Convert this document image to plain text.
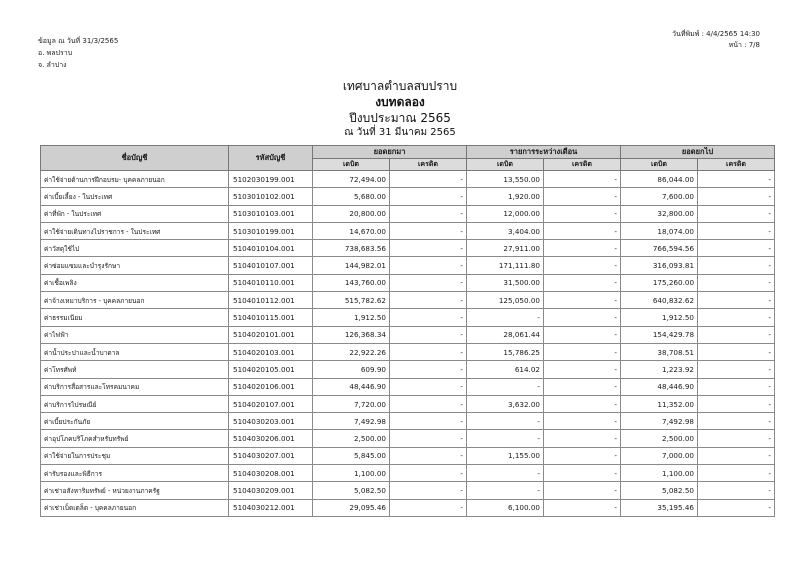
ข้อมูล ณ วันที่ 31/3/2565
อ. พลปราบ
จ. ลำปาง
วันที่พิมพ์ : 4/4/2565 14:30
หน้า : 7/8
เทศบาลตำบลสบปราบ
งบทดลอง
ปีงบประมาณ 2565
ณ วันที่ 31 มีนาคม 2565
ชื่อบัญชี	รหัสบัญชี	ยอดยกมา		รายการระหว่างเดือน		ยอดยกไป	
		เดบิต	เครดิต	เดบิต	เครดิต	เดบิต	เครดิต
ค่าใช้จ่ายด้านการฝึกอบรม- บุคคลภายนอก	5102030199.001	72,494.00	-	13,550.00	-	86,044.00	-
ค่าเบี้ยเลี้ยง - ในประเทศ	5103010102.001	5,680.00	-	1,920.00	-	7,600.00	-
ค่าที่พัก - ในประเทศ	5103010103.001	20,800.00	-	12,000.00	-	32,800.00	-
ค่าใช้จ่ายเดินทางไปราชการ - ในประเทศ	5103010199.001	14,670.00	-	3,404.00	-	18,074.00	-
ค่าวัสดุใช้ไป	5104010104.001	738,683.56	-	27,911.00	-	766,594.56	-
ค่าซ่อมแซมและบำรุงรักษา	5104010107.001	144,982.01	-	171,111.80	-	316,093.81	-
ค่าเชื้อเพลิง	5104010110.001	143,760.00	-	31,500.00	-	175,260.00	-
ค่าจ้างเหมาบริการ - บุคคลภายนอก	5104010112.001	515,782.62	-	125,050.00	-	640,832.62	-
ค่าธรรมเนียม	5104010115.001	1,912.50	-	-	-	1,912.50	-
ค่าไฟฟ้า	5104020101.001	126,368.34	-	28,061.44	-	154,429.78	-
ค่าน้ำประปาและน้ำบาดาล	5104020103.001	22,922.26	-	15,786.25	-	38,708.51	-
ค่าโทรศัพท์	5104020105.001	609.90	-	614.02	-	1,223.92	-
ค่าบริการสื่อสารและโทรคมนาคม	5104020106.001	48,446.90	-	-	-	48,446.90	-
ค่าบริการไปรษณีย์	5104020107.001	7,720.00	-	3,632.00	-	11,352.00	-
ค่าเบี้ยประกันภัย	5104030203.001	7,492.98	-	-	-	7,492.98	-
ค่าอุปโภคบริโภคสำหรับทรัพย์	5104030206.001	2,500.00	-	-	-	2,500.00	-
ค่าใช้จ่ายในการประชุม	5104030207.001	5,845.00	-	1,155.00	-	7,000.00	-
ค่ารับรองและพิธีการ	5104030208.001	1,100.00	-	-	-	1,100.00	-
ค่าเช่าอสังหาริมทรัพย์ - หน่วยงานภาครัฐ	5104030209.001	5,082.50	-	-	-	5,082.50	-
ค่าเช่าเบ็ดเตล็ด - บุคคลภายนอก	5104030212.001	29,095.46	-	6,100.00	-	35,195.46	-
